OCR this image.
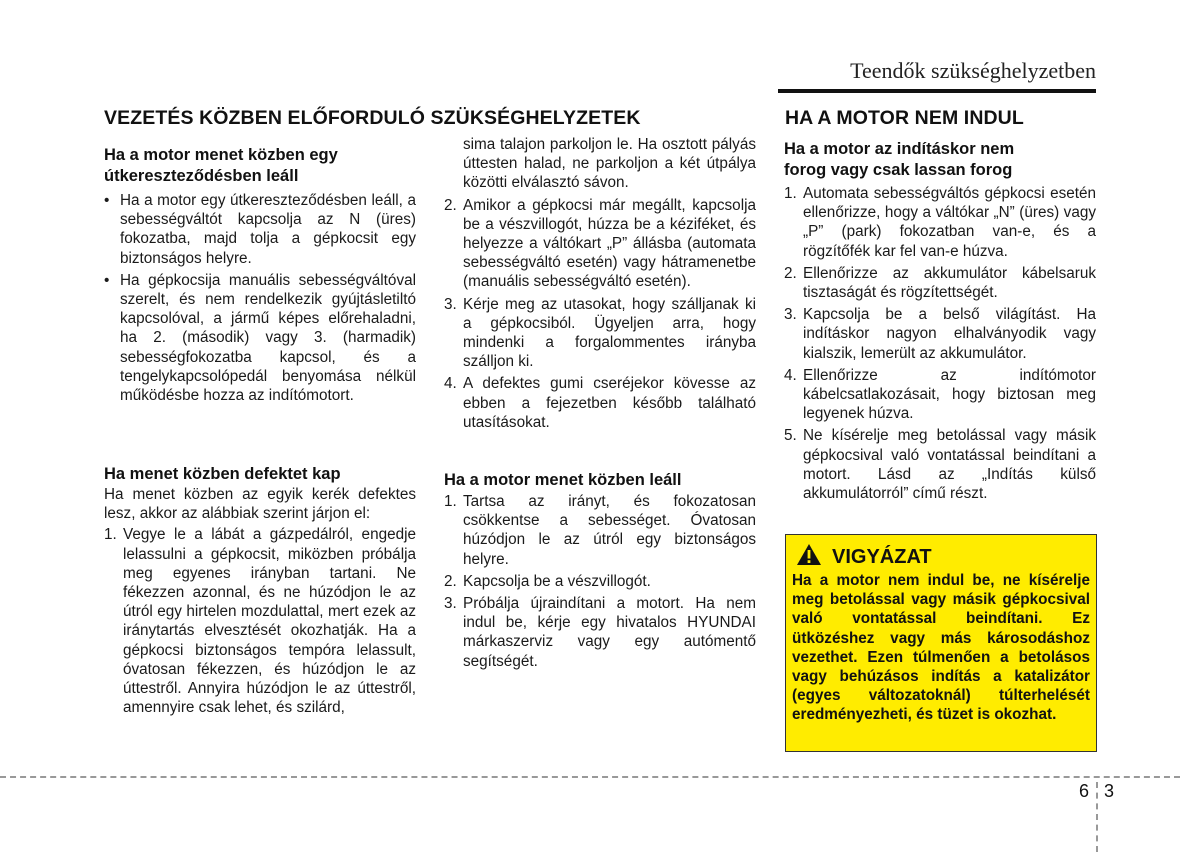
Teendők szükséghelyzetben
VEZETÉS KÖZBEN ELŐFORDULÓ SZÜKSÉGHELYZETEK
Ha a motor menet közben egy
útkereszteződésben leáll
• Ha a motor egy útkereszteződésben leáll, a sebességváltót kapcsolja az N (üres) fokozatba, majd tolja a gépkocsit egy biztonságos helyre.
• Ha gépkocsija manuális sebességváltóval szerelt, és nem rendelkezik gyújtásletiltó kapcsolóval, a jármű képes előrehaladni, ha 2. (második) vagy 3. (harmadik) sebességfokozatba kapcsol, és a tengelykapcsolópedál benyomása nélkül működésbe hozza az indítómotort.
Ha menet közben defektet kap
Ha menet közben az egyik kerék defektes lesz, akkor az alábbiak szerint járjon el:
1. Vegye le a lábát a gázpedálról, engedje lelassulni a gépkocsit, miközben próbálja meg egyenes irányban tartani. Ne fékezzen azonnal, és ne húzódjon le az útról egy hirtelen mozdulattal, mert ezek az iránytartás elvesztését okozhatják. Ha a gépkocsi biztonságos tempóra lelassult, óvatosan fékezzen, és húzódjon le az úttestről. Annyira húzódjon le az úttestről, amennyire csak lehet, és szilárd,
sima talajon parkoljon le. Ha osztott pályás úttesten halad, ne parkoljon a két útpálya közötti elválasztó sávon.
2. Amikor a gépkocsi már megállt, kapcsolja be a vészvillogót, húzza be a kéziféket, és helyezze a váltókart „P” állásba (automata sebességváltó esetén) vagy hátramenetbe (manuális sebességváltó esetén).
3. Kérje meg az utasokat, hogy szálljanak ki a gépkocsiból. Ügyeljen arra, hogy mindenki a forgalommentes irányba szálljon ki.
4. A defektes gumi cseréjekor kövesse az ebben a fejezetben később található utasításokat.
Ha a motor menet közben leáll
1. Tartsa az irányt, és fokozatosan csökkentse a sebességet. Óvatosan húzódjon le az útról egy biztonságos helyre.
2. Kapcsolja be a vészvillogót.
3. Próbálja újraindítani a motort. Ha nem indul be, kérje egy hivatalos HYUNDAI márkaszerviz vagy egy autómentő segítségét.
HA A MOTOR NEM INDUL
Ha a motor az indításkor nem
forog vagy csak lassan forog
1. Automata sebességváltós gépkocsi esetén ellenőrizze, hogy a váltókar „N” (üres) vagy „P” (park) fokozatban van-e, és a rögzítőfék kar fel van-e húzva.
2. Ellenőrizze az akkumulátor kábelsaruk tisztaságát és rögzítettségét.
3. Kapcsolja be a belső világítást. Ha indításkor nagyon elhalványodik vagy kialszik, lemerült az akkumulátor.
4. Ellenőrizze az indítómotor kábelcsatlakozásait, hogy biztosan meg legyenek húzva.
5. Ne kísérelje meg betolással vagy másik gépkocsival való vontatással beindítani a motort. Lásd az „Indítás külső akkumulátorról” című részt.
VIGYÁZAT
Ha a motor nem indul be, ne kísérelje meg betolással vagy másik gépkocsival való vontatással beindítani. Ez ütközéshez vagy más károsodáshoz vezethet. Ezen túlmenően a betolásos vagy behúzásos indítás a katalizátor (egyes változatoknál) túlterhelését eredményezheti, és tüzet is okozhat.
6 3
